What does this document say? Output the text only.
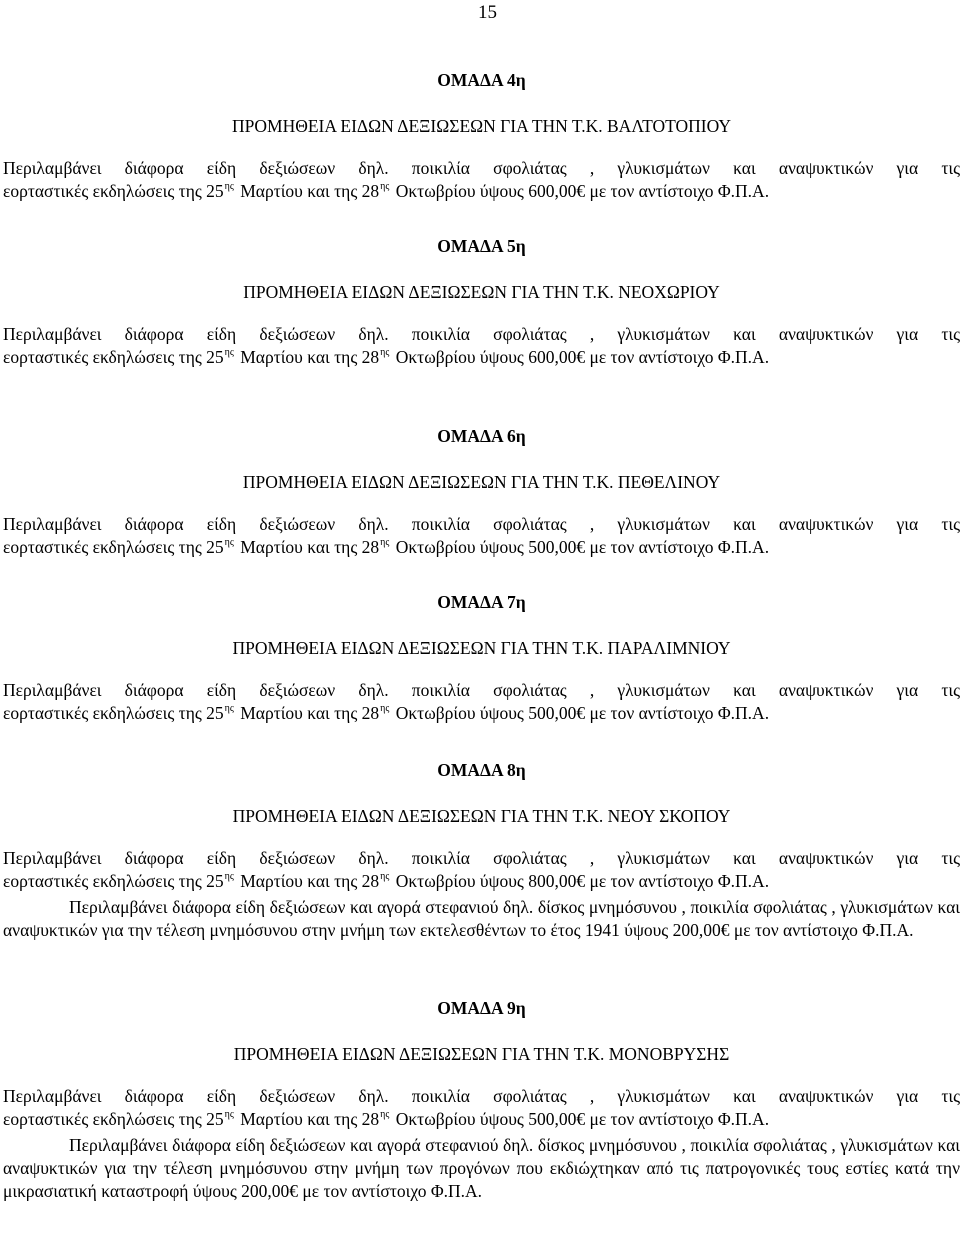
15
ΟΜΑΔΑ 4η
ΠΡΟΜΗΘΕΙΑ ΕΙΔΩΝ ΔΕΞΙΩΣΕΩΝ ΓΙΑ ΤΗΝ Τ.Κ. ΒΑΛΤΟΤΟΠΙΟΥ
Περιλαμβάνει διάφορα είδη δεξιώσεων δηλ. ποικιλία σφολιάτας , γλυκισμάτων και αναψυκτικών για τις
εορταστικές εκδηλώσεις της $25^{\eta\varsigma}$ Μαρτίου και της $28^{\eta\varsigma}$ Οκτωβρίου ύψους 600,00€ με τον αντίστοιχο Φ.Π.Α.
ΟΜΑΔΑ 5η
ΠΡΟΜΗΘΕΙΑ ΕΙΔΩΝ ΔΕΞΙΩΣΕΩΝ ΓΙΑ ΤΗΝ Τ.Κ. ΝΕΟΧΩΡΙΟΥ
Περιλαμβάνει διάφορα είδη δεξιώσεων δηλ. ποικιλία σφολιάτας , γλυκισμάτων και αναψυκτικών για τις
εορταστικές εκδηλώσεις της $25^{\eta\varsigma}$ Μαρτίου και της $28^{\eta\varsigma}$ Οκτωβρίου ύψους 600,00€ με τον αντίστοιχο Φ.Π.Α.
ΟΜΑΔΑ 6η
ΠΡΟΜΗΘΕΙΑ ΕΙΔΩΝ ΔΕΞΙΩΣΕΩΝ ΓΙΑ ΤΗΝ Τ.Κ. ΠΕΘΕΛΙΝΟΥ
Περιλαμβάνει διάφορα είδη δεξιώσεων δηλ. ποικιλία σφολιάτας , γλυκισμάτων και αναψυκτικών για τις
εορταστικές εκδηλώσεις της $25^{\eta\varsigma}$ Μαρτίου και της $28^{\eta\varsigma}$ Οκτωβρίου ύψους 500,00€ με τον αντίστοιχο Φ.Π.Α.
ΟΜΑΔΑ 7η
ΠΡΟΜΗΘΕΙΑ ΕΙΔΩΝ ΔΕΞΙΩΣΕΩΝ ΓΙΑ ΤΗΝ Τ.Κ. ΠΑΡΑΛΙΜΝΙΟΥ
Περιλαμβάνει διάφορα είδη δεξιώσεων δηλ. ποικιλία σφολιάτας , γλυκισμάτων και αναψυκτικών για τις
εορταστικές εκδηλώσεις της $25^{\eta\varsigma}$ Μαρτίου και της $28^{\eta\varsigma}$ Οκτωβρίου ύψους 500,00€ με τον αντίστοιχο Φ.Π.Α.
ΟΜΑΔΑ 8η
ΠΡΟΜΗΘΕΙΑ ΕΙΔΩΝ ΔΕΞΙΩΣΕΩΝ ΓΙΑ ΤΗΝ Τ.Κ. ΝΕΟΥ ΣΚΟΠΟΥ
Περιλαμβάνει διάφορα είδη δεξιώσεων δηλ. ποικιλία σφολιάτας , γλυκισμάτων και αναψυκτικών για τις
εορταστικές εκδηλώσεις της $25^{\eta\varsigma}$ Μαρτίου και της $28^{\eta\varsigma}$ Οκτωβρίου ύψους 800,00€ με τον αντίστοιχο Φ.Π.Α.
Περιλαμβάνει διάφορα είδη δεξιώσεων και αγορά στεφανιού δηλ. δίσκος μνημόσυνου , ποικιλία σφολιάτας , γλυκισμάτων και αναψυκτικών για την τέλεση μνημόσυνου στην μνήμη των εκτελεσθέντων το έτος 1941 ύψους 200,00€ με τον αντίστοιχο Φ.Π.Α.
ΟΜΑΔΑ 9η
ΠΡΟΜΗΘΕΙΑ ΕΙΔΩΝ ΔΕΞΙΩΣΕΩΝ ΓΙΑ ΤΗΝ Τ.Κ. ΜΟΝΟΒΡΥΣΗΣ
Περιλαμβάνει διάφορα είδη δεξιώσεων δηλ. ποικιλία σφολιάτας , γλυκισμάτων και αναψυκτικών για τις
εορταστικές εκδηλώσεις της $25^{\eta\varsigma}$ Μαρτίου και της $28^{\eta\varsigma}$ Οκτωβρίου ύψους 500,00€ με τον αντίστοιχο Φ.Π.Α.
Περιλαμβάνει διάφορα είδη δεξιώσεων και αγορά στεφανιού δηλ. δίσκος μνημόσυνου , ποικιλία σφολιάτας , γλυκισμάτων και αναψυκτικών για την τέλεση μνημόσυνου στην μνήμη των προγόνων που εκδιώχτηκαν από τις πατρογονικές τους εστίες κατά την μικρασιατική καταστροφή ύψους 200,00€ με τον αντίστοιχο Φ.Π.Α.
